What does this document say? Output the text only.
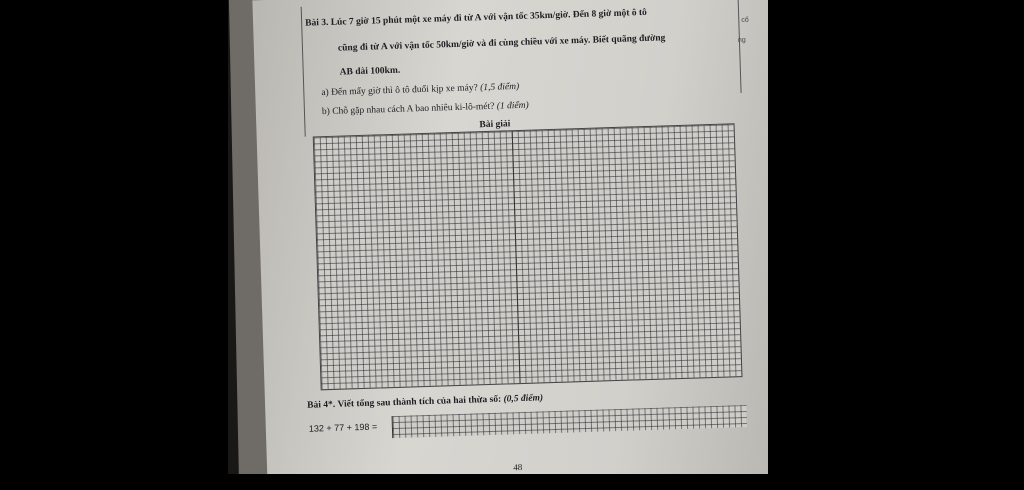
Bài 3. Lúc 7 giờ 15 phút một xe máy đi từ A với vận tốc 35km/giờ. Đến 8 giờ một ô tô
cũng đi từ A với vận tốc 50km/giờ và đi cùng chiều với xe máy. Biết quãng đường
AB dài 100km.
a) Đến mấy giờ thì ô tô đuổi kịp xe máy? (1,5 điểm)
b) Chỗ gặp nhau cách A bao nhiêu ki-lô-mét? (1 điểm)
Bài giải
Bài 4*. Viết tổng sau thành tích của hai thừa số: (0,5 điểm)
132 + 77 + 198 =
48
cố
ng
